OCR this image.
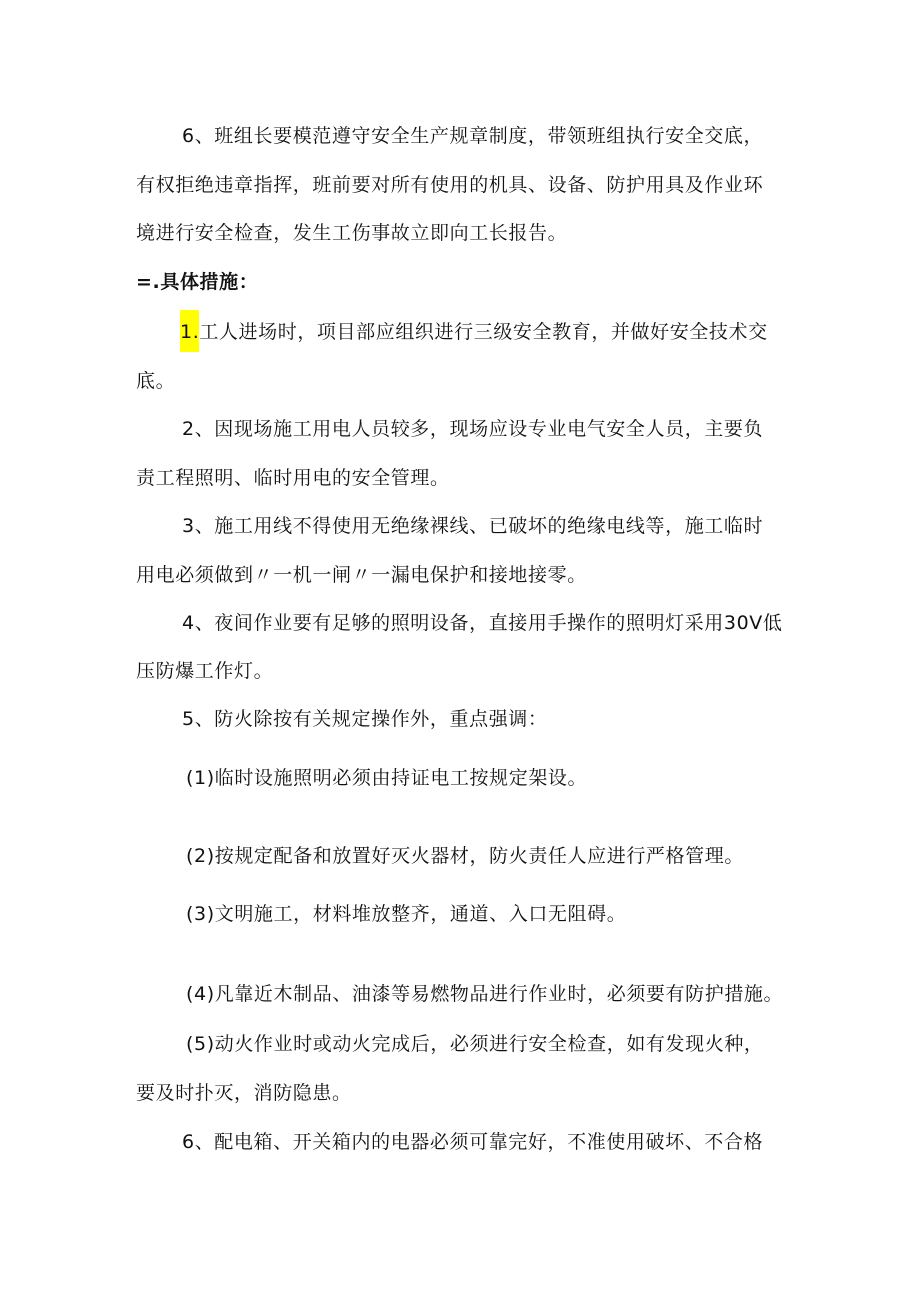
6、班组长要模范遵守安全生产规章制度，带领班组执行安全交底，
有权拒绝违章指挥，班前要对所有使用的机具、设备、防护用具及作业环
境进行安全检查，发生工伤事故立即向工长报告。
=.具体措施：
1.工人进场时，项目部应组织进行三级安全教育，并做好安全技术交
底。
2、因现场施工用电人员较多，现场应设专业电气安全人员，主要负
责工程照明、临时用电的安全管理。
3、施工用线不得使用无绝缘裸线、已破坏的绝缘电线等，施工临时
用电必须做到〃一机一闸〃一漏电保护和接地接零。
4、夜间作业要有足够的照明设备，直接用手操作的照明灯采用30V低
压防爆工作灯。
5、防火除按有关规定操作外，重点强调：
(1)临时设施照明必须由持证电工按规定架设。
(2)按规定配备和放置好灭火器材，防火责任人应进行严格管理。
(3)文明施工，材料堆放整齐，通道、入口无阻碍。
(4)凡靠近木制品、油漆等易燃物品进行作业时，必须要有防护措施。
(5)动火作业时或动火完成后，必须进行安全检查，如有发现火种，
要及时扑灭，消防隐患。
6、配电箱、开关箱内的电器必须可靠完好，不准使用破坏、不合格
